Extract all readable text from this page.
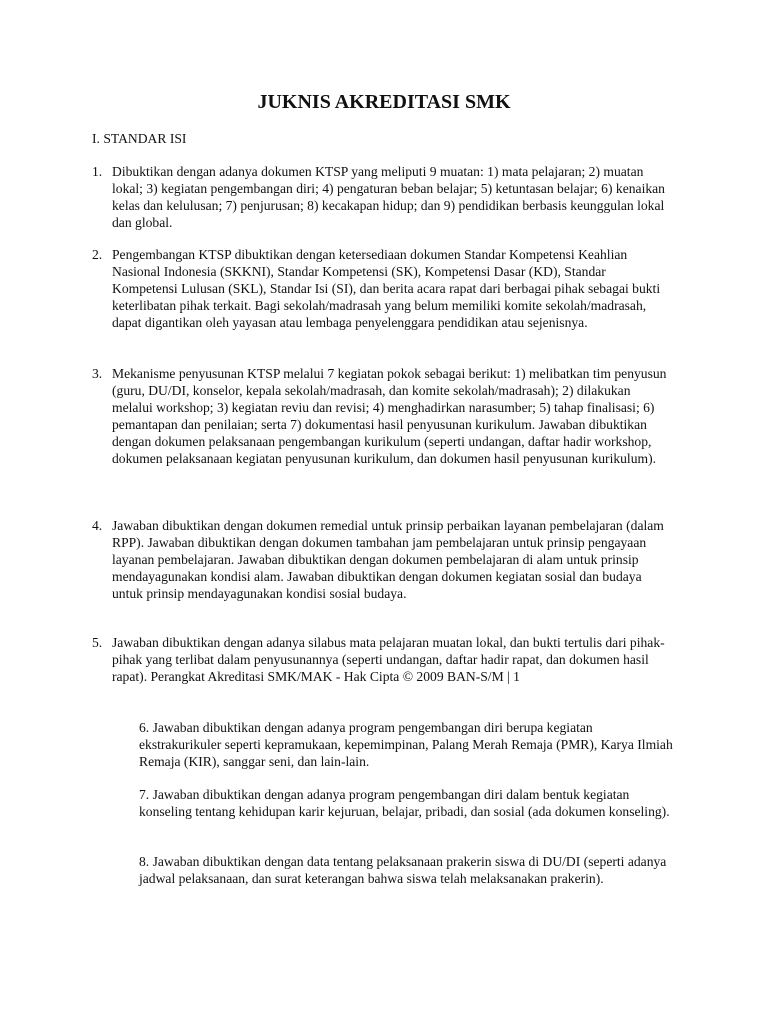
JUKNIS AKREDITASI SMK

I. STANDAR ISI

1. Dibuktikan dengan adanya dokumen KTSP yang meliputi 9 muatan: 1) mata pelajaran; 2) muatan lokal; 3) kegiatan pengembangan diri; 4) pengaturan beban belajar; 5) ketuntasan belajar; 6) kenaikan kelas dan kelulusan; 7) penjurusan; 8) kecakapan hidup; dan 9) pendidikan berbasis keunggulan lokal dan global.

2. Pengembangan KTSP dibuktikan dengan ketersediaan dokumen Standar Kompetensi Keahlian Nasional Indonesia (SKKNI), Standar Kompetensi (SK), Kompetensi Dasar (KD), Standar Kompetensi Lulusan (SKL), Standar Isi (SI), dan berita acara rapat dari berbagai pihak sebagai bukti keterlibatan pihak terkait. Bagi sekolah/madrasah yang belum memiliki komite sekolah/madrasah, dapat digantikan oleh yayasan atau lembaga penyelenggara pendidikan atau sejenisnya.

3. Mekanisme penyusunan KTSP melalui 7 kegiatan pokok sebagai berikut: 1) melibatkan tim penyusun (guru, DU/DI, konselor, kepala sekolah/madrasah, dan komite sekolah/madrasah); 2) dilakukan melalui workshop; 3) kegiatan reviu dan revisi; 4) menghadirkan narasumber; 5) tahap finalisasi; 6) pemantapan dan penilaian; serta 7) dokumentasi hasil penyusunan kurikulum. Jawaban dibuktikan dengan dokumen pelaksanaan pengembangan kurikulum (seperti undangan, daftar hadir workshop, dokumen pelaksanaan kegiatan penyusunan kurikulum, dan dokumen hasil penyusunan kurikulum).

4. Jawaban dibuktikan dengan dokumen remedial untuk prinsip perbaikan layanan pembelajaran (dalam RPP). Jawaban dibuktikan dengan dokumen tambahan jam pembelajaran untuk prinsip pengayaan layanan pembelajaran. Jawaban dibuktikan dengan dokumen pembelajaran di alam untuk prinsip mendayagunakan kondisi alam. Jawaban dibuktikan dengan dokumen kegiatan sosial dan budaya untuk prinsip mendayagunakan kondisi sosial budaya.

5. Jawaban dibuktikan dengan adanya silabus mata pelajaran muatan lokal, dan bukti tertulis dari pihak-pihak yang terlibat dalam penyusunannya (seperti undangan, daftar hadir rapat, dan dokumen hasil rapat). Perangkat Akreditasi SMK/MAK - Hak Cipta © 2009 BAN-S/M | 1

6. Jawaban dibuktikan dengan adanya program pengembangan diri berupa kegiatan ekstrakurikuler seperti kepramukaan, kepemimpinan, Palang Merah Remaja (PMR), Karya Ilmiah Remaja (KIR), sanggar seni, dan lain-lain.

7. Jawaban dibuktikan dengan adanya program pengembangan diri dalam bentuk kegiatan konseling tentang kehidupan karir kejuruan, belajar, pribadi, dan sosial (ada dokumen konseling).

8. Jawaban dibuktikan dengan data tentang pelaksanaan prakerin siswa di DU/DI (seperti adanya jadwal pelaksanaan, dan surat keterangan bahwa siswa telah melaksanakan prakerin).
